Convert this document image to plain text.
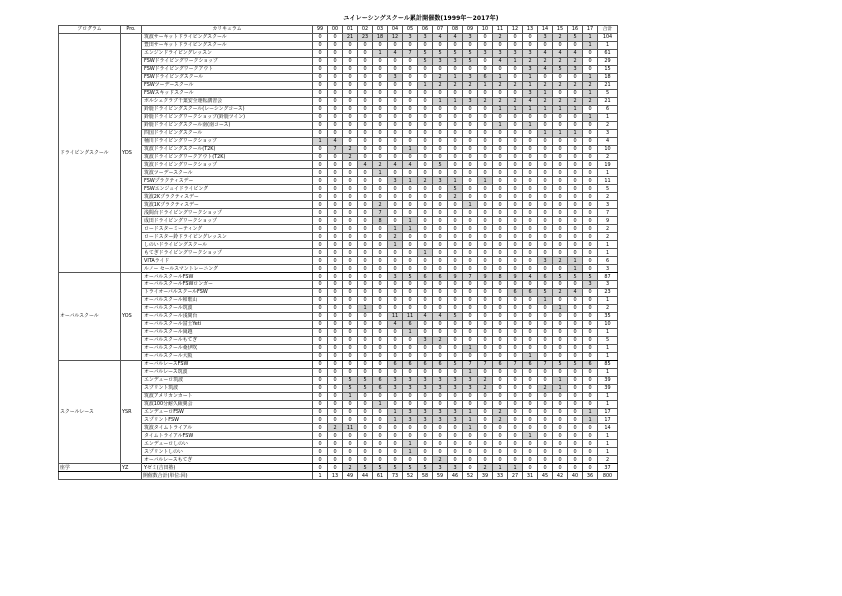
ユイレーシングスクール累計開催数(1999年～2017年)
プログラム	Pro.	カリキュラム	99	00	01	02	03	04	05	06	07	08	09	10	11	12	13	14	15	16	17	合計
ドライビングスクール	YDS	筑波サーキットドライビングスクール	0	0	21	23	18	12	3	3	4	4	3	0	2	0	0	3	2	5	1	104
		豊田サーキットドライビングスクール	0	0	0	0	0	0	0	0	0	0	0	0	0	0	0	0	0	0	1	1
		エンジンドライビングレッスン	0	0	0	0	1	4	7	5	5	5	5	3	3	3	3	4	4	4	0	61
		FSWドライビングワークショップ	0	0	0	0	0	0	0	5	3	3	5	0	4	1	2	2	2	2	0	29
		FSWドライビングワークアウト	0	0	0	0	0	0	0	0	0	0	0	0	0	0	3	4	5	3	0	15
		FSWドライビングスクール	0	0	0	0	0	3	0	0	2	1	3	6	1	0	1	0	0	0	1	18
		FSWツーデースクール	0	0	0	0	0	0	0	1	2	2	2	1	2	2	1	2	2	2	2	21
		FSWスキッドスクール	0	0	0	0	0	0	0	0	0	0	0	0	0	0	3	1	0	0	1	5
		ポルシェクラブ千葉安全運転講習会	0	0	0	0	0	0	0	0	1	1	3	2	2	2	4	2	2	2	2	21
		鈴鹿ドライビングスクール(レーシングコース)	0	0	0	0	0	0	0	0	0	0	0	0	1	1	1	1	1	1	0	6
		鈴鹿ドライビングワークショップ(鈴鹿ツイン)	0	0	0	0	0	0	0	0	0	0	0	0	0	0	0	0	0	0	1	1
		鈴鹿ドライビングスクール南(南コース)	0	0	0	0	0	0	0	0	0	0	0	0	1	0	1	0	0	0	0	2
		四国ドライビングスクール	0	0	0	0	0	0	0	0	0	0	0	0	0	0	0	1	1	1	0	3
		桶川ドライビングワークショップ	1	4	0	0	0	0	0	0	0	0	0	0	0	0	0	0	0	0	0	4
		筑波ドライビングスクール(T2K)	0	7	2	0	0	0	1	0	0	0	0	0	0	0	0	0	0	0	0	10
		筑波ドライビングワークアウト(T2K)	0	0	2	0	0	0	0	0	0	0	0	0	0	0	0	0	0	0	0	2
		筑波ドライビングワークショップ	0	0	0	4	2	4	4	0	5	0	0	0	0	0	0	0	0	0	0	19
		筑波ツーデースクール	0	0	0	0	1	0	0	0	0	0	0	0	0	0	0	0	0	0	0	1
		FSWプラクティスデー	0	0	0	0	0	3	1	2	3	1	0	1	0	0	0	0	0	0	0	11
		FSWエンジュイドライビング	0	0	0	0	0	0	0	0	0	5	0	0	0	0	0	0	0	0	0	5
		筑波2Kプラクティスデー	0	0	0	0	0	0	0	0	0	2	0	0	0	0	0	0	0	0	0	2
		筑波1Kプラクティスデー	0	0	0	0	2	0	0	0	0	0	1	0	0	0	0	0	0	0	0	3
		浅間台ドライビングワークショップ	0	0	0	0	7	0	0	0	0	0	0	0	0	0	0	0	0	0	0	7
		成田ドライビングワークショップ	0	0	0	0	8	0	1	0	0	0	0	0	0	0	0	0	0	0	0	9
		ロードスターミーティング	0	0	0	0	0	1	1	0	0	0	0	0	0	0	0	0	0	0	0	2
		ロードスター鈴ドライビングレッスン	0	0	0	0	0	2	0	0	0	0	0	0	0	0	0	0	0	0	0	2
		しのいドライビングスクール	0	0	0	0	0	1	0	0	0	0	0	0	0	0	0	0	0	0	0	1
		もてぎドライビングワークショップ	0	0	0	0	0	0	0	1	0	0	0	0	0	0	0	0	0	0	0	1
		VITAライド	0	0	0	0	0	0	0	0	0	0	0	0	0	0	0	3	2	1	0	6
		ルノー セールスマントレーニング	0	0	0	0	0	0	0	0	0	0	0	0	0	0	0	0	0	1	0	3
オーバルスクール	YOS	オーバルスクールFSW	0	0	0	0	0	3	5	6	6	9	7	9	8	9	4	6	5	5	5	87
		オーバルスクールFSWロンガー	0	0	0	0	0	0	0	0	0	0	0	0	0	0	0	0	0	0	3	3
		トライオーバルスクールFSW	0	0	0	0	0	0	0	0	0	0	0	0	0	6	6	5	2	4	0	23
		オーバルスクール和歌山	0	0	0	0	0	0	0	0	0	0	0	0	0	0	0	1	0	0	0	1
		オーバルスクール筑波	0	0	0	1	0	0	0	0	0	0	0	0	0	0	0	0	1	0	0	2
		オーバルスクール浅間台	0	0	0	0	0	11	11	4	4	5	0	0	0	0	0	0	0	0	0	35
		オーバルスクール富士Yeti	0	0	0	0	0	4	6	0	0	0	0	0	0	0	0	0	0	0	0	10
		オーバルスクール岡越	0	0	0	0	0	0	1	0	0	0	0	0	0	0	0	0	0	0	0	1
		オーバルスクールもてぎ	0	0	0	0	0	0	0	3	2	0	0	0	0	0	0	0	0	0	0	5
		オーバルスクール桑伊吹	0	0	0	0	0	0	0	0	0	0	1	0	0	0	0	0	0	0	0	1
		オーバルスクール大阪	0	0	0	0	0	0	0	0	0	0	0	0	0	0	1	0	0	0	0	1
スクールレース	YSR	オーバルレースFSW	0	0	0	0	0	6	6	6	6	5	7	7	6	7	6	7	5	5	6	85
		オーバルレース筑波	0	0	0	0	0	0	0	0	0	0	1	0	0	0	0	0	0	0	0	1
		エンデューロ筑波	0	0	5	5	6	3	3	3	3	3	3	2	0	0	0	0	1	0	0	39
		スプリント筑波	0	0	5	5	6	3	3	3	3	3	3	2	0	0	0	2	1	0	0	39
		筑波アメリカンカート	0	0	1	0	0	0	0	0	0	0	0	0	0	0	0	0	0	0	0	1
		筑波100分耐久綾翼会	0	0	0	0	1	0	0	0	0	0	0	0	0	0	0	0	0	0	0	1
		エンデューロFSW	0	0	0	0	0	1	3	3	3	3	1	0	2	0	0	0	0	0	1	17
		スプリントFSW	0	0	0	0	0	1	3	3	3	3	1	0	2	0	0	0	0	0	1	17
		筑波タイムトライアル	0	2	11	0	0	0	0	0	0	0	1	0	0	0	0	0	0	0	0	14
		タイムトライアルFSW	0	0	0	0	0	0	0	0	0	0	0	0	0	0	1	0	0	0	0	1
		エンデューロしのい	0	0	0	0	0	0	1	0	0	0	0	0	0	0	0	0	0	0	0	1
		スプリントしのい	0	0	0	0	0	0	1	0	0	0	0	0	0	0	0	0	0	0	0	1
		オーバルレースもてぎ	0	0	0	0	0	0	0	0	2	0	0	0	0	0	0	0	0	0	0	2
座学	YZ	Yゼミ(吉田塾)	0	0	2	5	5	5	5	5	3	3	0	2	1	1	0	0	0	0	0	37
		開催数合計(単位:回)	1	13	49	44	61	73	52	58	59	46	52	39	33	27	31	45	42	40	36	800
